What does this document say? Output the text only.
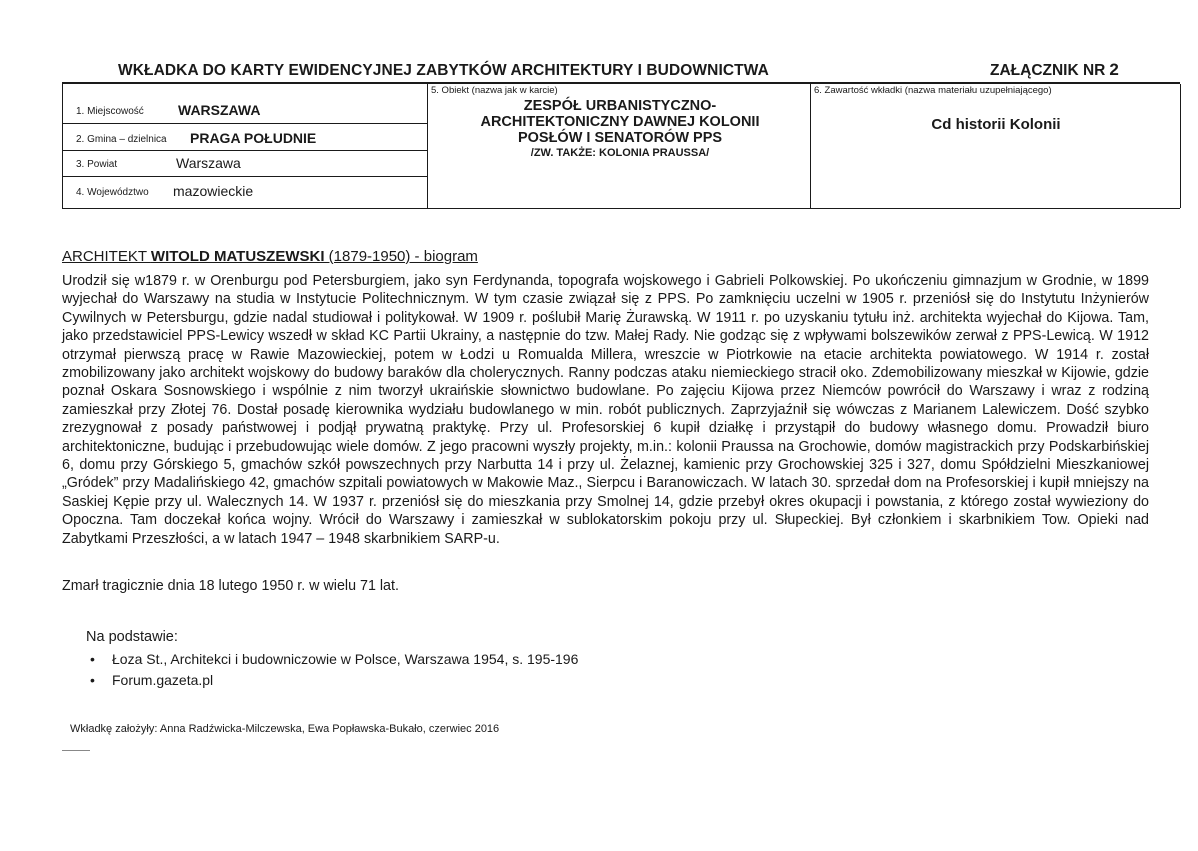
WKŁADKA DO KARTY EWIDENCYJNEJ ZABYTKÓW ARCHITEKTURY I BUDOWNICTWA	ZAŁĄCZNIK NR 2
1. Miejscowość WARSZAWA
2. Gmina – dzielnica PRAGA POŁUDNIE
3. Powiat	Warszawa
4. Województwo mazowieckie
5. Obiekt (nazwa jak w karcie)
ZESPÓŁ URBANISTYCZNO-
ARCHITEKTONICZNY DAWNEJ KOLONII
POSŁÓW I SENATORÓW PPS
/ZW. TAKŻE: KOLONIA PRAUSSA/
6. Zawartość wkładki (nazwa materiału uzupełniającego)
Cd historii Kolonii
ARCHITEKT WITOLD MATUSZEWSKI (1879-1950) - biogram

Urodził się w1879 r. w Orenburgu pod Petersburgiem, jako syn Ferdynanda, topografa wojskowego i Gabrieli Polkowskiej. Po ukończeniu gimnazjum w Grodnie, w 1899 wyjechał do Warszawy na studia w Instytucie Politechnicznym. W tym czasie związał się z PPS. Po zamknięciu uczelni w 1905 r. przeniósł się do Instytutu Inżynierów Cywilnych w Petersburgu, gdzie nadal studiował i politykował. W 1909 r. poślubił Marię Żurawską. W 1911 r. po uzyskaniu tytułu inż. architekta wyjechał do Kijowa. Tam, jako przedstawiciel PPS-Lewicy wszedł w skład KC Partii Ukrainy, a następnie do tzw. Małej Rady. Nie godząc się z wpływami bolszewików zerwał z PPS-Lewicą. W 1912 otrzymał pierwszą pracę w Rawie Mazowieckiej, potem w Łodzi u Romualda Millera, wreszcie w Piotrkowie na etacie architekta powiatowego. W 1914 r. został zmobilizowany jako architekt wojskowy do budowy baraków dla cholerycznych. Ranny podczas ataku niemieckiego stracił oko. Zdemobilizowany mieszkał w Kijowie, gdzie poznał Oskara Sosnowskiego i wspólnie z nim tworzył ukraińskie słownictwo budowlane. Po zajęciu Kijowa przez Niemców powrócił do Warszawy i wraz z rodziną zamieszkał przy Złotej 76. Dostał posadę kierownika wydziału budowlanego w min. robót publicznych. Zaprzyjaźnił się wówczas z Marianem Lalewiczem. Dość szybko zrezygnował z posady państwowej i podjął prywatną praktykę. Przy ul. Profesorskiej 6 kupił działkę i przystąpił do budowy własnego domu. Prowadził biuro architektoniczne, budując i przebudowując wiele domów. Z jego pracowni wyszły projekty, m.in.: kolonii Praussa na Grochowie, domów magistrackich przy Podskarbińskiej 6, domu przy Górskiego 5, gmachów szkół powszechnych przy Narbutta 14 i przy ul. Żelaznej, kamienic przy Grochowskiej 325 i 327, domu Spółdzielni Mieszkaniowej „Gródek” przy Madalińskiego 42, gmachów szpitali powiatowych w Makowie Maz., Sierpcu i Baranowiczach. W latach 30. sprzedał dom na Profesorskiej i kupił mniejszy na Saskiej Kępie przy ul. Walecznych 14. W 1937 r. przeniósł się do mieszkania przy Smolnej 14, gdzie przebył okres okupacji i powstania, z którego został wywieziony do Opoczna. Tam doczekał końca wojny. Wrócił do Warszawy i zamieszkał w sublokatorskim pokoju przy ul. Słupeckiej. Był członkiem i skarbnikiem Tow. Opieki nad Zabytkami Przeszłości, a w latach 1947 – 1948 skarbnikiem SARP-u.

Zmarł tragicznie dnia 18 lutego 1950 r. w wielu 71 lat.
Na podstawie:
• Łoza St., Architekci i budowniczowie w Polsce, Warszawa 1954, s. 195-196
• Forum.gazeta.pl
Wkładkę założyły: Anna Radźwicka-Milczewska, Ewa Popławska-Bukało, czerwiec 2016
